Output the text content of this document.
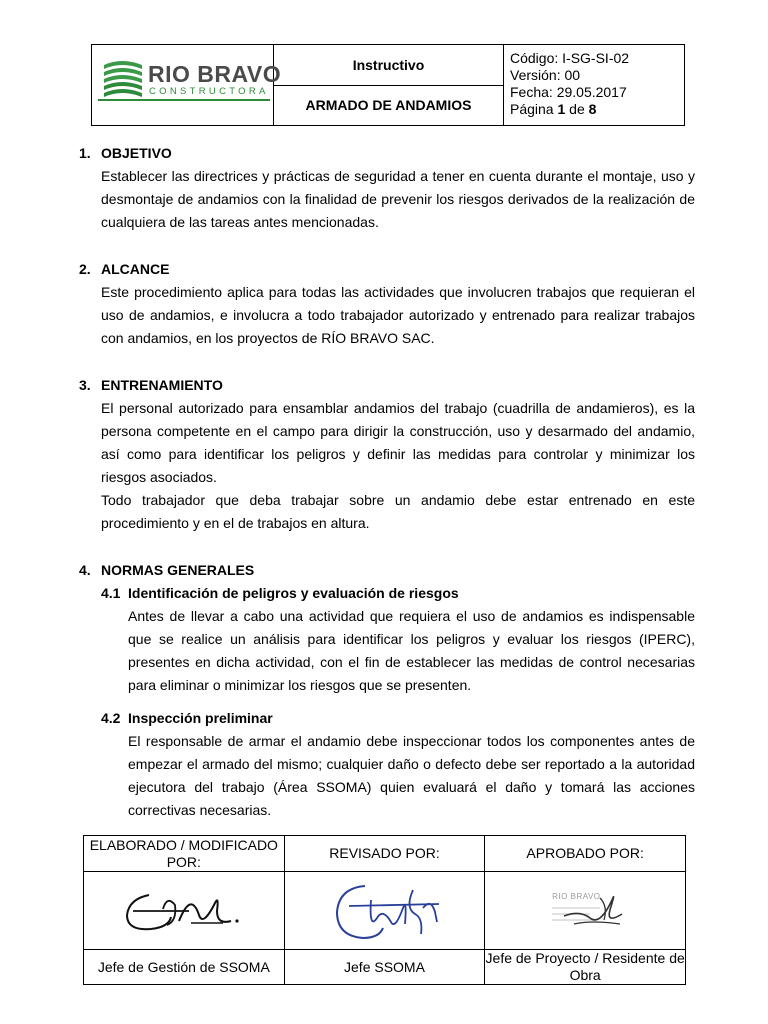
RIO BRAVO
CONSTRUCTORA
	Instructivo	Código: I-SG-SI-02
Versión: 00
Fecha: 29.05.2017
Página 1 de 8

ARMADO DE ANDAMIOS
1. OBJETIVO
Establecer las directrices y prácticas de seguridad a tener en cuenta durante el montaje, uso y desmontaje de andamios con la finalidad de prevenir los riesgos derivados de la realización de cualquiera de las tareas antes mencionadas.
2. ALCANCE
Este procedimiento aplica para todas las actividades que involucren trabajos que requieran el uso de andamios, e involucra a todo trabajador autorizado y entrenado para realizar trabajos con andamios, en los proyectos de RÍO BRAVO SAC.
3. ENTRENAMIENTO
El personal autorizado para ensamblar andamios del trabajo (cuadrilla de andamieros), es la persona competente en el campo para dirigir la construcción, uso y desarmado del andamio, así como para identificar los peligros y definir las medidas para controlar y minimizar los riesgos asociados.
Todo trabajador que deba trabajar sobre un andamio debe estar entrenado en este procedimiento y en el de trabajos en altura.
4. NORMAS GENERALES
4.1 Identificación de peligros y evaluación de riesgos
Antes de llevar a cabo una actividad que requiera el uso de andamios es indispensable que se realice un análisis para identificar los peligros y evaluar los riesgos (IPERC), presentes en dicha actividad, con el fin de establecer las medidas de control necesarias para eliminar o minimizar los riesgos que se presenten.
4.2 Inspección preliminar
El responsable de armar el andamio debe inspeccionar todos los componentes antes de empezar el armado del mismo; cualquier daño o defecto debe ser reportado a la autoridad ejecutora del trabajo (Área SSOMA) quien evaluará el daño y tomará las acciones correctivas necesarias.
ELABORADO / MODIFICADO POR:	REVISADO POR:	APROBADO POR:

RIO BRAVO

Jefe de Gestión de SSOMA	Jefe SSOMA	Jefe de Proyecto / Residente de Obra
